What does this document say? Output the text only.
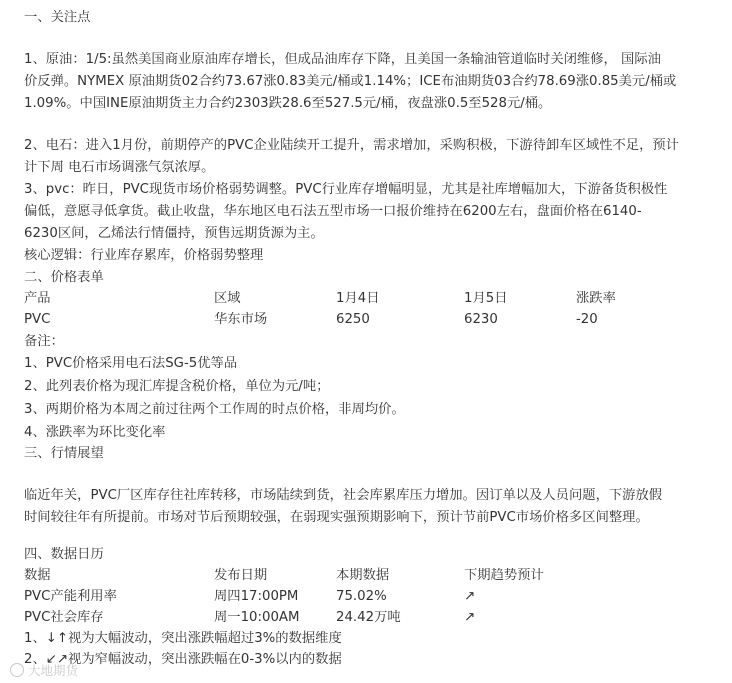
一、关注点
1、原油：1/5:虽然美国商业原油库存增长，但成品油库存下降，且美国一条输油管道临时关闭维修， 国际油
价反弹。NYMEX 原油期货02合约73.67涨0.83美元/桶或1.14%；ICE布油期货03合约78.69涨0.85美元/桶或
1.09%。中国INE原油期货主力合约2303跌28.6至527.5元/桶，夜盘涨0.5至528元/桶。
2、电石：进入1月份，前期停产的PVC企业陆续开工提升，需求增加，采购积极，下游待卸车区域性不足，预计
计下周 电石市场调涨气氛浓厚。
3、pvc：昨日，PVC现货市场价格弱势调整。PVC行业库存增幅明显，尤其是社库增幅加大，下游备货积极性
偏低，意愿寻低拿货。截止收盘，华东地区电石法五型市场一口报价维持在6200左右，盘面价格在6140-
6230区间，乙烯法行情僵持，预售远期货源为主。
核心逻辑：行业库存累库，价格弱势整理
二、价格表单
产品	区域	1月4日	1月5日	涨跌率
PVC	华东市场	6250	6230	-20
备注：
1、PVC价格采用电石法SG-5优等品
2、此列表价格为现汇库提含税价格，单位为元/吨；
3、两期价格为本周之前过往两个工作周的时点价格，非周均价。
4、涨跌率为环比变化率
三、行情展望
临近年关，PVC厂区库存往社库转移，市场陆续到货，社会库累库压力增加。因订单以及人员问题，下游放假
时间较往年有所提前。市场对节后预期较强，在弱现实强预期影响下，预计节前PVC市场价格多区间整理。
四、数据日历
数据	发布日期	本期数据	下期趋势预计
PVC产能利用率	周四17:00PM	75.02%	↗
PVC社会库存	周一10:00AM	24.42万吨	↗
1、↓↑视为大幅波动，突出涨跌幅超过3%的数据维度
2、↙↗视为窄幅波动，突出涨跌幅在0-3%以内的数据
大地期货
